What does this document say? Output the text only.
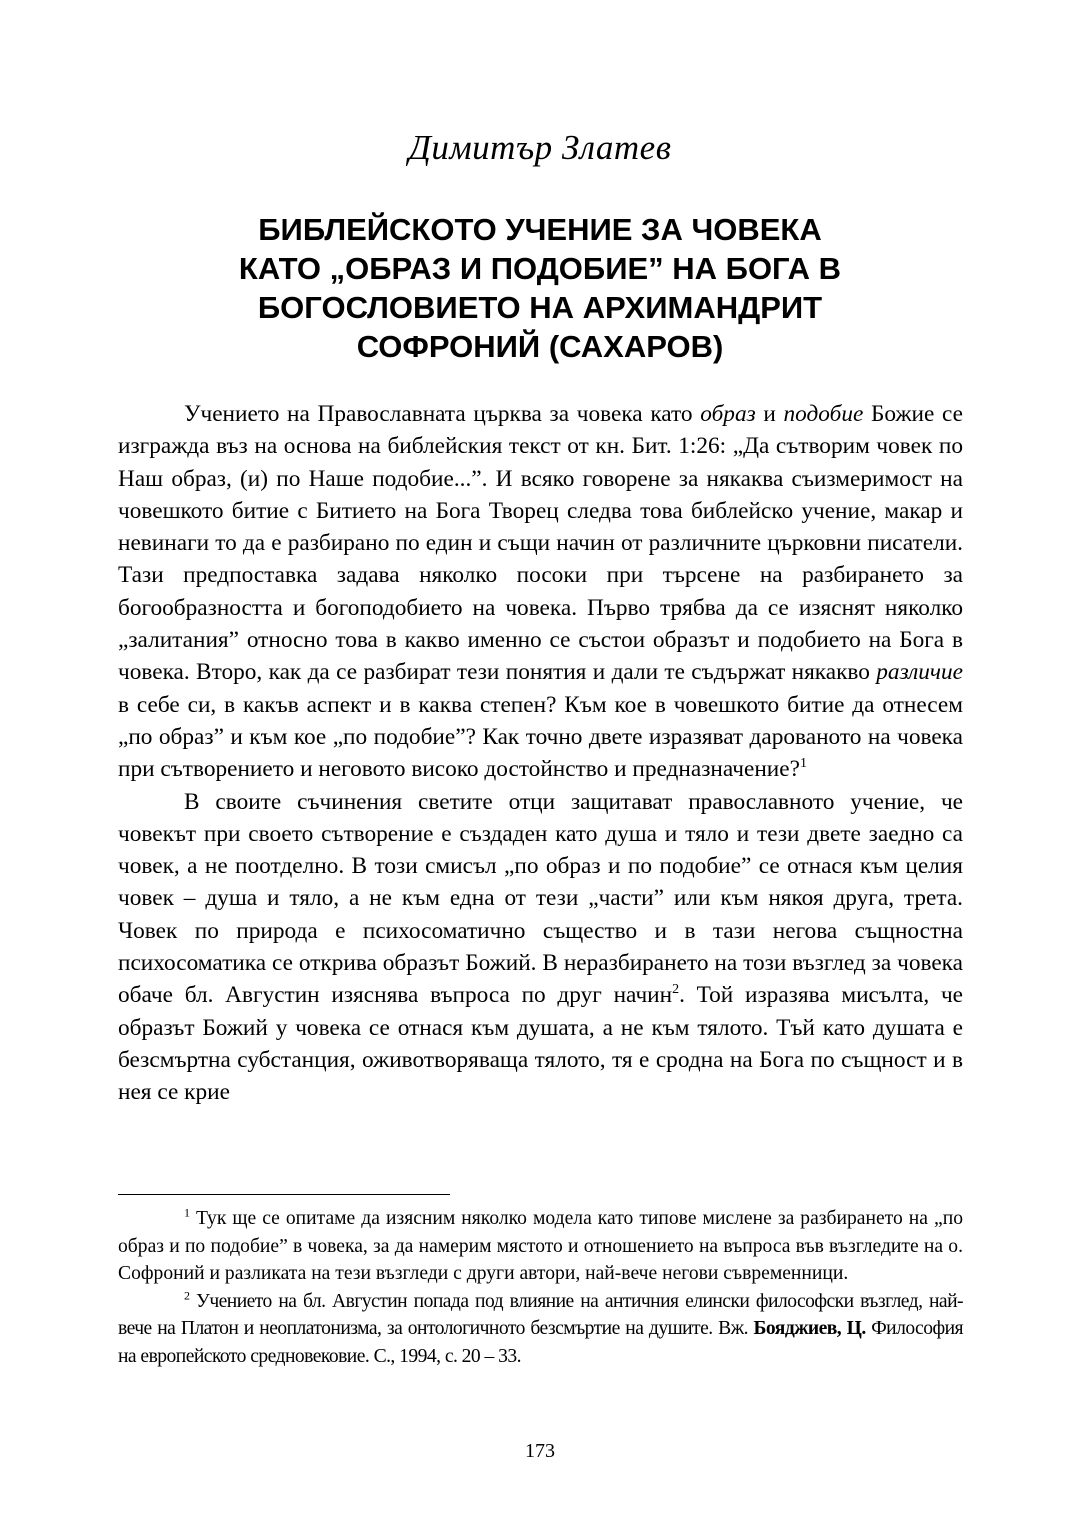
Димитър Златев
БИБЛЕЙСКОТО УЧЕНИЕ ЗА ЧОВЕКА
КАТО „ОБРАЗ И ПОДОБИЕ” НА БОГА В
БОГОСЛОВИЕТО НА АРХИМАНДРИТ
СОФРОНИЙ (САХАРОВ)

Учението на Православната църква за човека като образ и подобие Божие се изгражда въз на основа на библейския текст от кн. Бит. 1:26: „Да сътворим човек по Наш образ, (и) по Наше подобие...”. И всяко говорене за някаква съизмеримост на човешкото битие с Битието на Бога Творец следва това библейско учение, макар и невинаги то да е разбирано по един и същи начин от различните църковни писатели. Тази предпоставка задава няколко посоки при търсене на разбирането за богообразността и богоподобието на човека. Първо трябва да се изяснят няколко „залитания” относно това в какво именно се състои образът и подобието на Бога в човека. Второ, как да се разбират тези понятия и дали те съдържат някакво различие в себе си, в какъв аспект и в каква степен? Към кое в човешкото битие да отнесем „по образ” и към кое „по подобие”? Как точно двете изразяват дарованото на човека при сътворението и неговото високо достойнство и предназначение?$^1$

В своите съчинения светите отци защитават православното учение, че човекът при своето сътворение е създаден като душа и тяло и тези двете заедно са човек, а не поотделно. В този смисъл „по образ и по подобие” се отнася към целия човек – душа и тяло, а не към една от тези „части” или към някоя друга, трета. Човек по природа е психосоматично същество и в тази негова същностна психосоматика се открива образът Божий. В неразбирането на този възглед за човека обаче бл. Августин изяснява въпроса по друг начин$^2$. Той изразява мисълта, че образът Божий у човека се отнася към душата, а не към тялото. Тъй като душата е безсмъртна субстанция, оживотворяваща тялото, тя е сродна на Бога по същност и в нея се крие

$^1$ Тук ще се опитаме да изясним няколко модела като типове мислене за разбирането на „по образ и по подобие” в човека, за да намерим мястото и отношението на въпроса във възгледите на о. Софроний и разликата на тези възгледи с други автори, най-вече негови съвременници.

$^2$ Учението на бл. Августин попада под влияние на античния елински философски възглед, най-вече на Платон и неоплатонизма, за онтологичното безсмъртие на душите. Вж. Бояджиев, Ц. Философия на европейското средновековие. С., 1994, с. 20 – 33.

173
